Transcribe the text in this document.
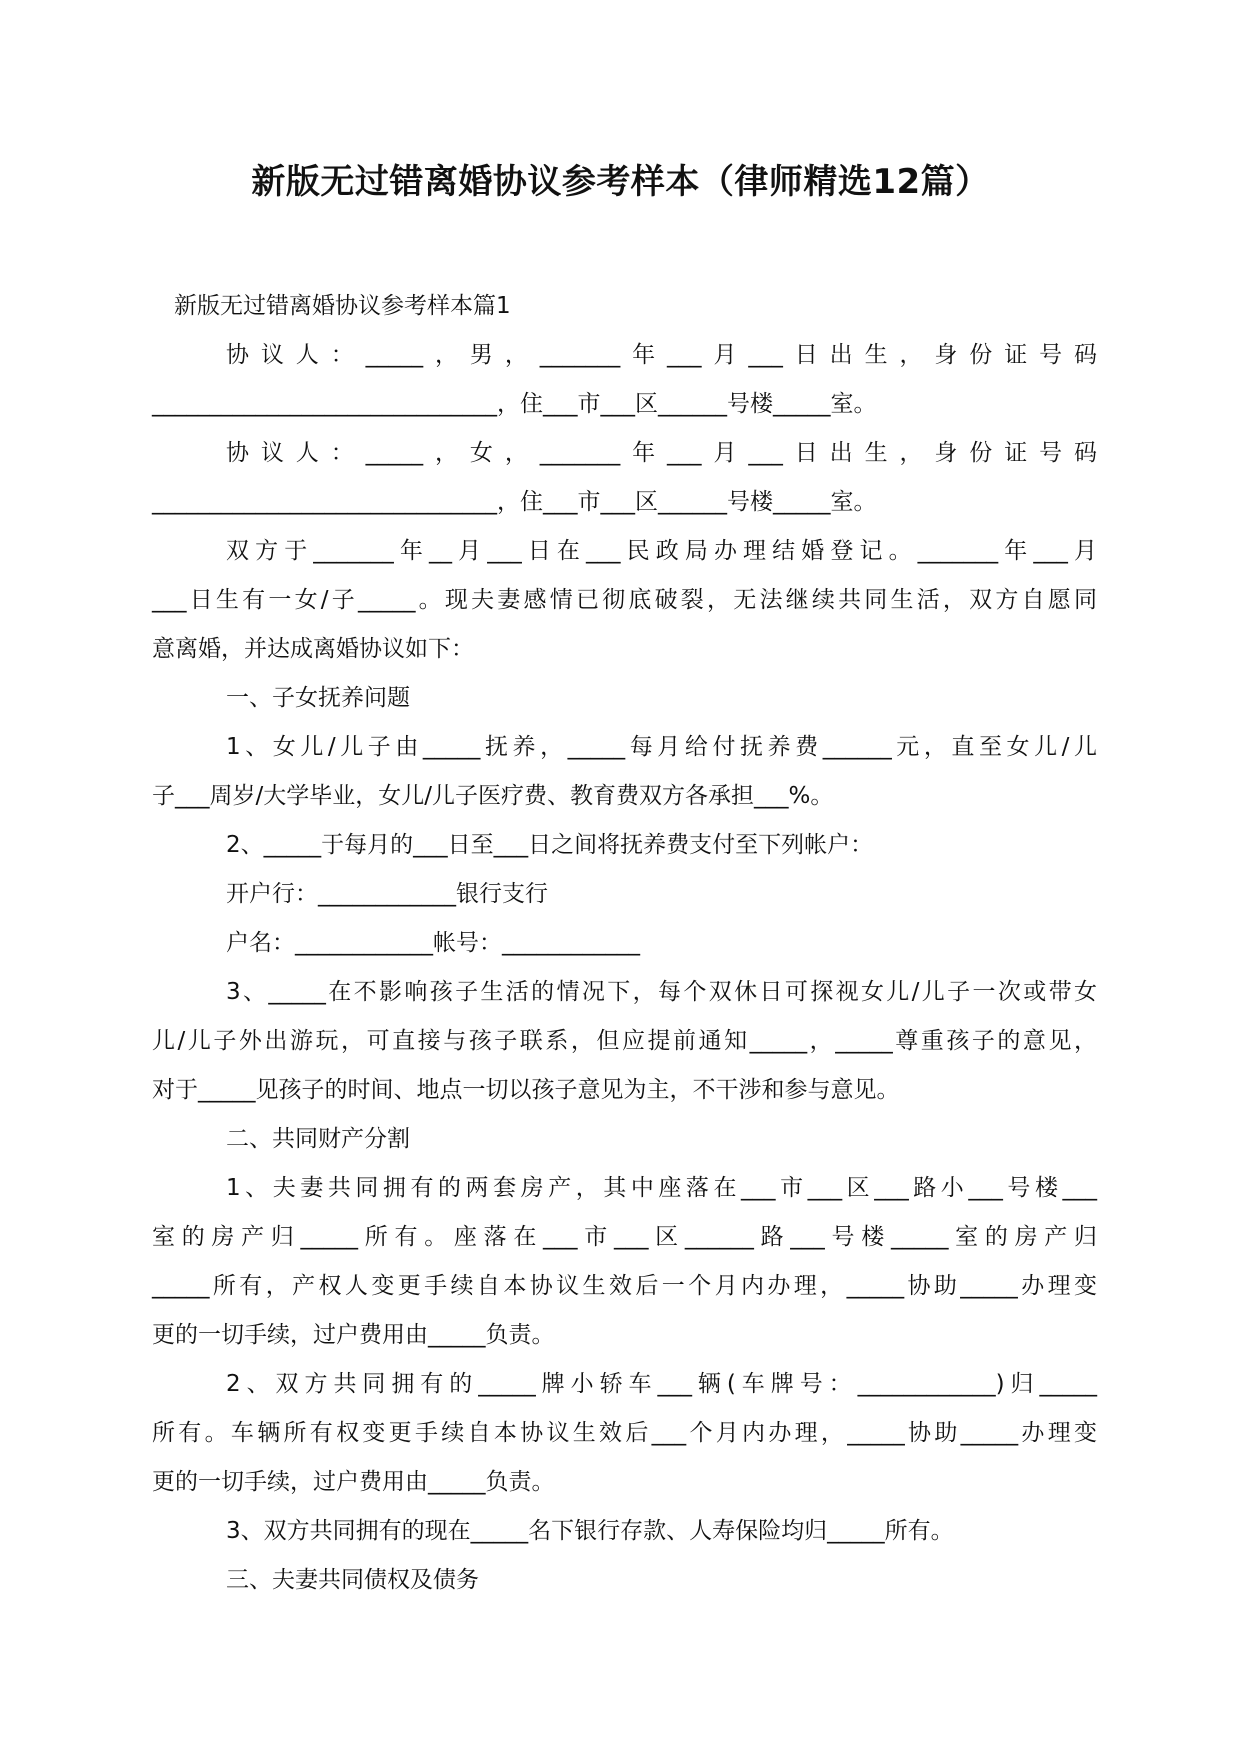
新版无过错离婚协议参考样本（律师精选12篇）
新版无过错离婚协议参考样本篇1
协议人：_____，男，_______年___月___日出生，身份证号码
______________________________，住___市___区______号楼_____室。
协议人：_____，女，_______年___月___日出生，身份证号码
______________________________，住___市___区______号楼_____室。
双方于_______年__月___日在___民政局办理结婚登记。_______年___月
___日生有一女/子_____。现夫妻感情已彻底破裂，无法继续共同生活，双方自愿同
意离婚，并达成离婚协议如下：
一、子女抚养问题
1、女儿/儿子由_____抚养，_____每月给付抚养费______元，直至女儿/儿
子___周岁/大学毕业，女儿/儿子医疗费、教育费双方各承担___%。
2、_____于每月的___日至___日之间将抚养费支付至下列帐户：
开户行：____________银行支行
户名：____________帐号：____________
3、_____在不影响孩子生活的情况下，每个双休日可探视女儿/儿子一次或带女
儿/儿子外出游玩，可直接与孩子联系，但应提前通知_____，_____尊重孩子的意见，
对于_____见孩子的时间、地点一切以孩子意见为主，不干涉和参与意见。
二、共同财产分割
1、夫妻共同拥有的两套房产，其中座落在___市___区___路小___号楼___
室的房产归_____所有。座落在___市___区______路___号楼_____室的房产归
_____所有，产权人变更手续自本协议生效后一个月内办理，_____协助_____办理变
更的一切手续，过户费用由_____负责。
2、双方共同拥有的_____牌小轿车___辆(车牌号：____________)归_____
所有。车辆所有权变更手续自本协议生效后___个月内办理，_____协助_____办理变
更的一切手续，过户费用由_____负责。
3、双方共同拥有的现在_____名下银行存款、人寿保险均归_____所有。
三、夫妻共同债权及债务
